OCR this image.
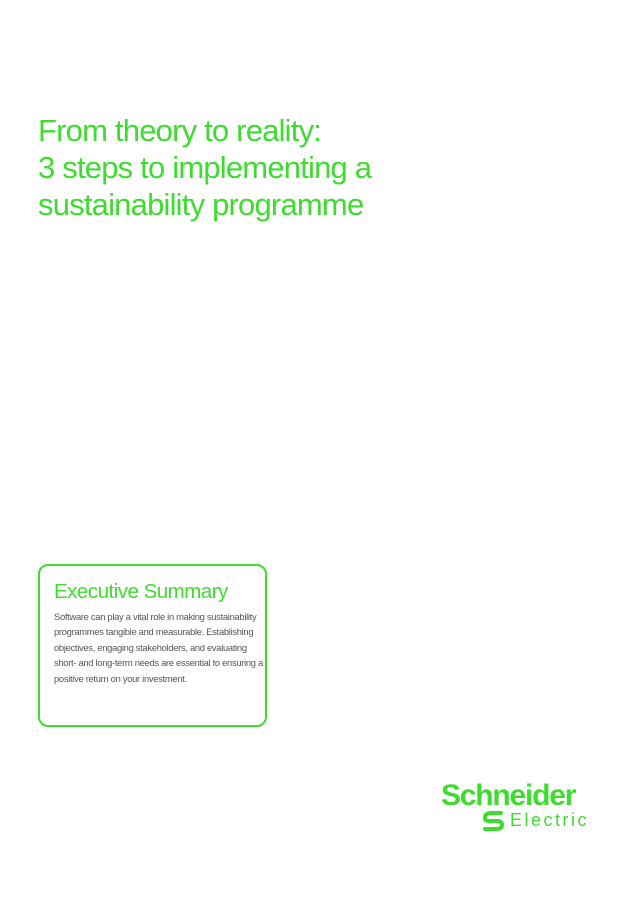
From theory to reality:
3 steps to implementing a
sustainability programme
Executive Summary

Software can play a vital role in making sustainability programmes tangible and measurable. Establishing objectives, engaging stakeholders, and evaluating short- and long-term needs are essential to ensuring a positive return on your investment.

Schneider
Electric
